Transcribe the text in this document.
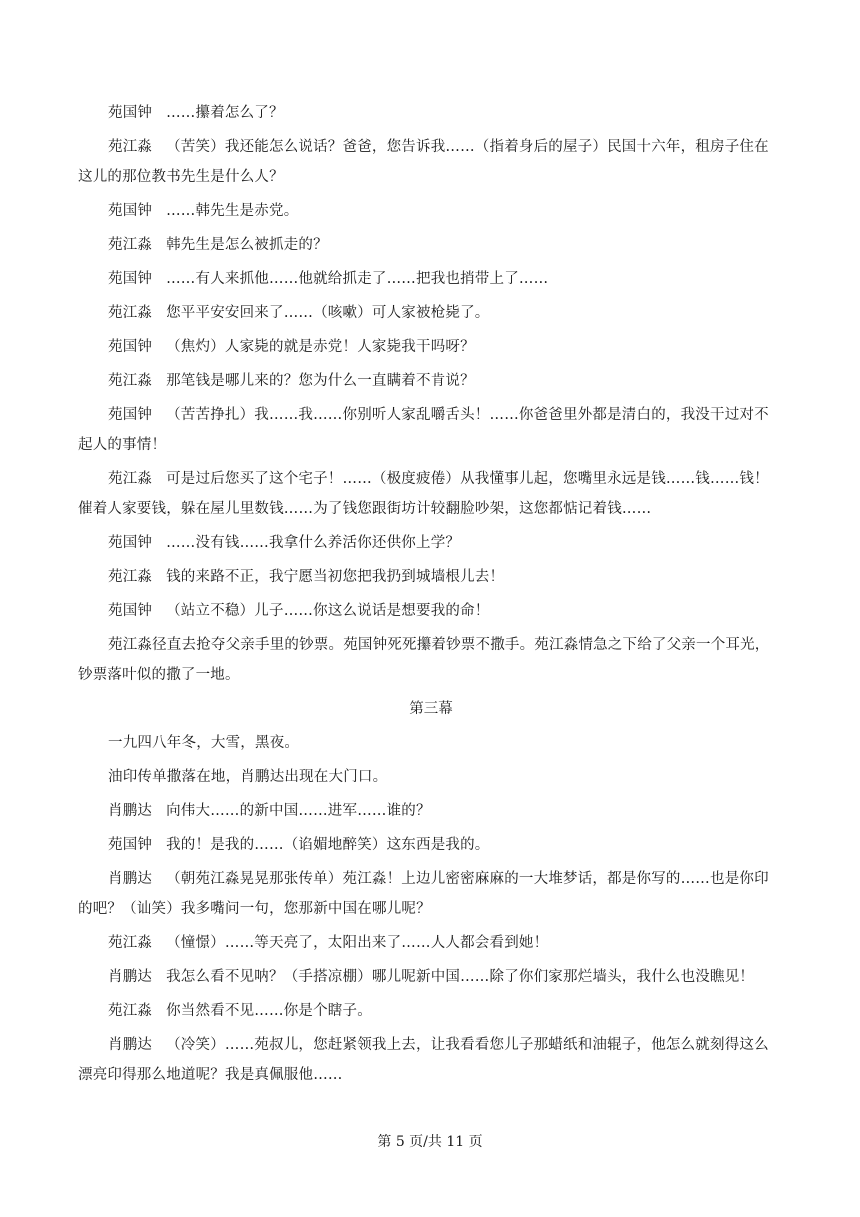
苑国钟 ……攥着怎么了？

苑江淼 （苦笑）我还能怎么说话？爸爸，您告诉我……（指着身后的屋子）民国十六年，租房子住在
这儿的那位教书先生是什么人？

苑国钟 ……韩先生是赤党。

苑江淼 韩先生是怎么被抓走的？

苑国钟 ……有人来抓他……他就给抓走了……把我也捎带上了……

苑江淼 您平平安安回来了……（咳嗽）可人家被枪毙了。

苑国钟 （焦灼）人家毙的就是赤党！人家毙我干吗呀？

苑江淼 那笔钱是哪儿来的？您为什么一直瞒着不肯说？

苑国钟 （苦苦挣扎）我……我……你别听人家乱嚼舌头！……你爸爸里外都是清白的，我没干过对不
起人的事情！

苑江淼 可是过后您买了这个宅子！……（极度疲倦）从我懂事儿起，您嘴里永远是钱……钱……钱！
催着人家要钱，躲在屋儿里数钱……为了钱您跟街坊计较翻脸吵架，这您都惦记着钱……

苑国钟 ……没有钱……我拿什么养活你还供你上学？

苑江淼 钱的来路不正，我宁愿当初您把我扔到城墙根儿去！

苑国钟 （站立不稳）儿子……你这么说话是想要我的命！

苑江淼径直去抢夺父亲手里的钞票。苑国钟死死攥着钞票不撒手。苑江淼情急之下给了父亲一个耳光，
钞票落叶似的撒了一地。

第三幕

一九四八年冬，大雪，黑夜。

油印传单撒落在地，肖鹏达出现在大门口。

肖鹏达 向伟大……的新中国……进军……谁的？

苑国钟 我的！是我的……（谄媚地醉笑）这东西是我的。

肖鹏达 （朝苑江淼晃晃那张传单）苑江淼！上边儿密密麻麻的一大堆梦话，都是你写的……也是你印
的吧？（讪笑）我多嘴问一句，您那新中国在哪儿呢？

苑江淼 （憧憬）……等天亮了，太阳出来了……人人都会看到她！

肖鹏达 我怎么看不见呐？（手搭凉棚）哪儿呢新中国……除了你们家那烂墙头，我什么也没瞧见！

苑江淼 你当然看不见……你是个瞎子。

肖鹏达 （冷笑）……苑叔儿，您赶紧领我上去，让我看看您儿子那蜡纸和油辊子，他怎么就刻得这么
漂亮印得那么地道呢？我是真佩服他……

第 5 页/共 11 页
